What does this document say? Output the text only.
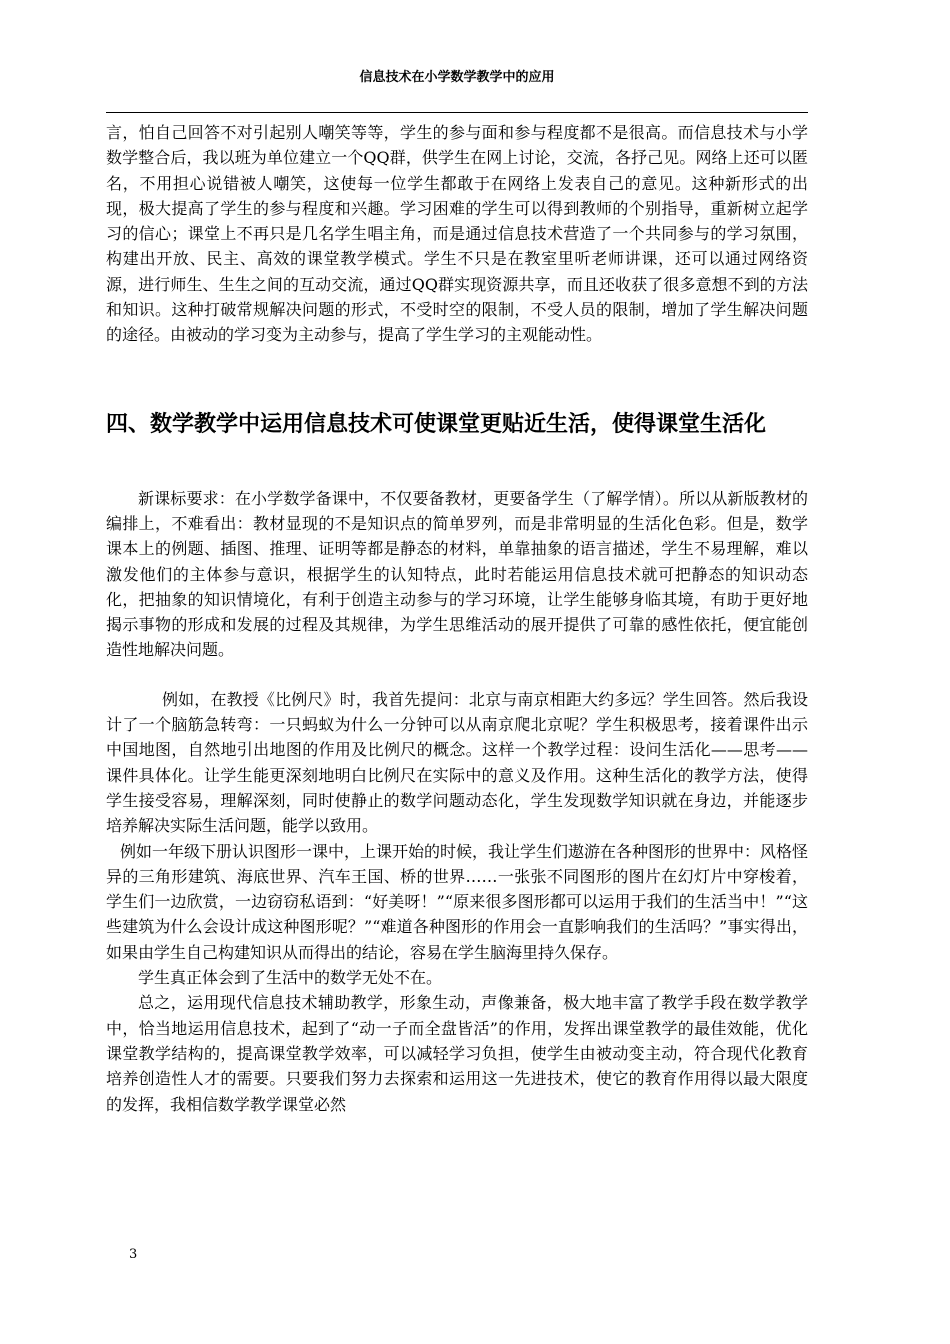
信息技术在小学数学教学中的应用

言，怕自己回答不对引起别人嘲笑等等，学生的参与面和参与程度都不是很高。而信息技术与小学数学整合后，我以班为单位建立一个QQ群，供学生在网上讨论，交流，各抒己见。网络上还可以匿名，不用担心说错被人嘲笑，这使每一位学生都敢于在网络上发表自己的意见。这种新形式的出现，极大提高了学生的参与程度和兴趣。学习困难的学生可以得到教师的个别指导，重新树立起学习的信心；课堂上不再只是几名学生唱主角，而是通过信息技术营造了一个共同参与的学习氛围，构建出开放、民主、高效的课堂教学模式。学生不只是在教室里听老师讲课，还可以通过网络资源，进行师生、生生之间的互动交流，通过QQ群实现资源共享，而且还收获了很多意想不到的方法和知识。这种打破常规解决问题的形式，不受时空的限制，不受人员的限制，增加了学生解决问题的途径。由被动的学习变为主动参与，提高了学生学习的主观能动性。

四、数学教学中运用信息技术可使课堂更贴近生活，使得课堂生活化

新课标要求：在小学数学备课中，不仅要备教材，更要备学生（了解学情）。所以从新版教材的编排上，不难看出：教材显现的不是知识点的简单罗列，而是非常明显的生活化色彩。但是，数学课本上的例题、插图、推理、证明等都是静态的材料，单靠抽象的语言描述，学生不易理解，难以激发他们的主体参与意识，根据学生的认知特点，此时若能运用信息技术就可把静态的知识动态化，把抽象的知识情境化，有利于创造主动参与的学习环境，让学生能够身临其境，有助于更好地揭示事物的形成和发展的过程及其规律，为学生思维活动的展开提供了可靠的感性依托，便宜能创造性地解决问题。

例如，在教授《比例尺》时，我首先提问：北京与南京相距大约多远？学生回答。然后我设计了一个脑筋急转弯：一只蚂蚁为什么一分钟可以从南京爬北京呢？学生积极思考，接着课件出示中国地图，自然地引出地图的作用及比例尺的概念。这样一个教学过程：设问生活化——思考——课件具体化。让学生能更深刻地明白比例尺在实际中的意义及作用。这种生活化的教学方法，使得学生接受容易，理解深刻，同时使静止的数学问题动态化，学生发现数学知识就在身边，并能逐步培养解决实际生活问题，能学以致用。

例如一年级下册认识图形一课中，上课开始的时候，我让学生们遨游在各种图形的世界中：风格怪异的三角形建筑、海底世界、汽车王国、桥的世界……一张张不同图形的图片在幻灯片中穿梭着，学生们一边欣赏，一边窃窃私语到：“好美呀！”“原来很多图形都可以运用于我们的生活当中！”“这些建筑为什么会设计成这种图形呢？”“难道各种图形的作用会一直影响我们的生活吗？”事实得出，如果由学生自己构建知识从而得出的结论，容易在学生脑海里持久保存。

学生真正体会到了生活中的数学无处不在。

总之，运用现代信息技术辅助教学，形象生动，声像兼备，极大地丰富了教学手段在数学教学中，恰当地运用信息技术，起到了“动一子而全盘皆活”的作用，发挥出课堂教学的最佳效能，优化课堂教学结构的，提高课堂教学效率，可以减轻学习负担，使学生由被动变主动，符合现代化教育培养创造性人才的需要。只要我们努力去探索和运用这一先进技术，使它的教育作用得以最大限度的发挥，我相信数学教学课堂必然

3
